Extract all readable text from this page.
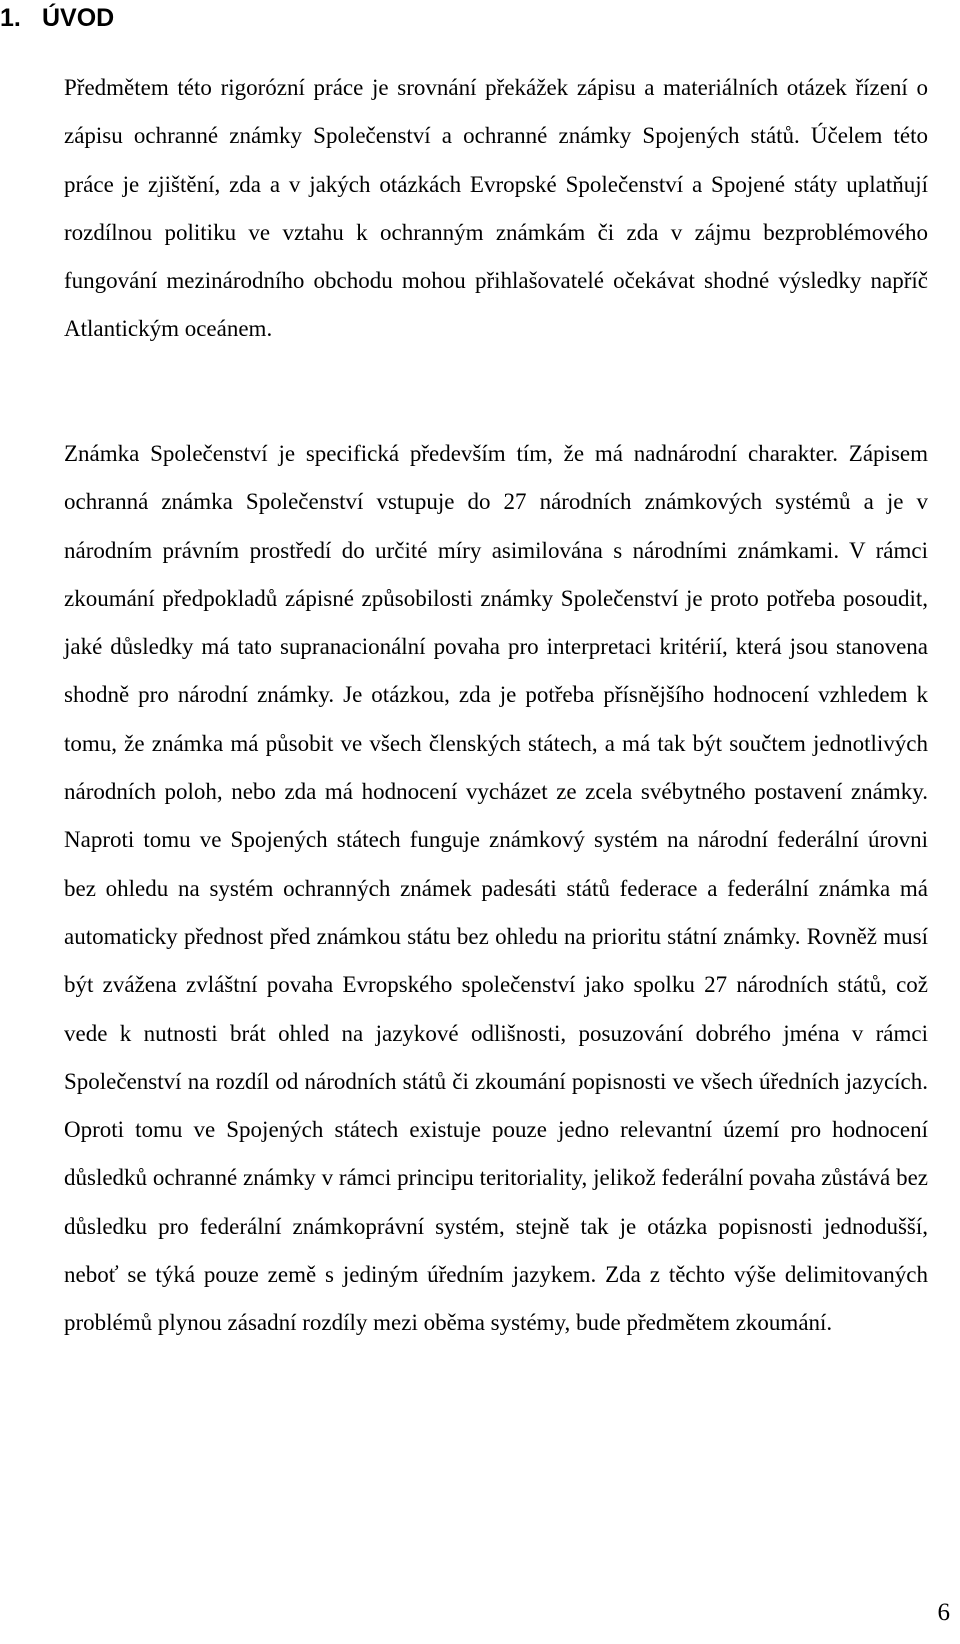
1. ÚVOD

Předmětem této rigorózní práce je srovnání překážek zápisu a materiálních otázek řízení o zápisu ochranné známky Společenství a ochranné známky Spojených států. Účelem této práce je zjištění, zda a v jakých otázkách Evropské Společenství a Spojené státy uplatňují rozdílnou politiku ve vztahu k ochranným známkám či zda v zájmu bezproblémového fungování mezinárodního obchodu mohou přihlašovatelé očekávat shodné výsledky napříč Atlantickým oceánem.

Známka Společenství je specifická především tím, že má nadnárodní charakter. Zápisem ochranná známka Společenství vstupuje do 27 národních známkových systémů a je v národním právním prostředí do určité míry asimilována s národními známkami. V rámci zkoumání předpokladů zápisné způsobilosti známky Společenství je proto potřeba posoudit, jaké důsledky má tato supranacionální povaha pro interpretaci kritérií, která jsou stanovena shodně pro národní známky. Je otázkou, zda je potřeba přísnějšího hodnocení vzhledem k tomu, že známka má působit ve všech členských státech, a má tak být součtem jednotlivých národních poloh, nebo zda má hodnocení vycházet ze zcela svébytného postavení známky. Naproti tomu ve Spojených státech funguje známkový systém na národní federální úrovni bez ohledu na systém ochranných známek padesáti států federace a federální známka má automaticky přednost před známkou státu bez ohledu na prioritu státní známky. Rovněž musí být zvážena zvláštní povaha Evropského společenství jako spolku 27 národních států, což vede k nutnosti brát ohled na jazykové odlišnosti, posuzování dobrého jména v rámci Společenství na rozdíl od národních států či zkoumání popisnosti ve všech úředních jazycích. Oproti tomu ve Spojených státech existuje pouze jedno relevantní území pro hodnocení důsledků ochranné známky v rámci principu teritoriality, jelikož federální povaha zůstává bez důsledku pro federální známkoprávní systém, stejně tak je otázka popisnosti jednodušší, neboť se týká pouze země s jediným úředním jazykem. Zda z těchto výše delimitovaných problémů plynou zásadní rozdíly mezi oběma systémy, bude předmětem zkoumání.

6
